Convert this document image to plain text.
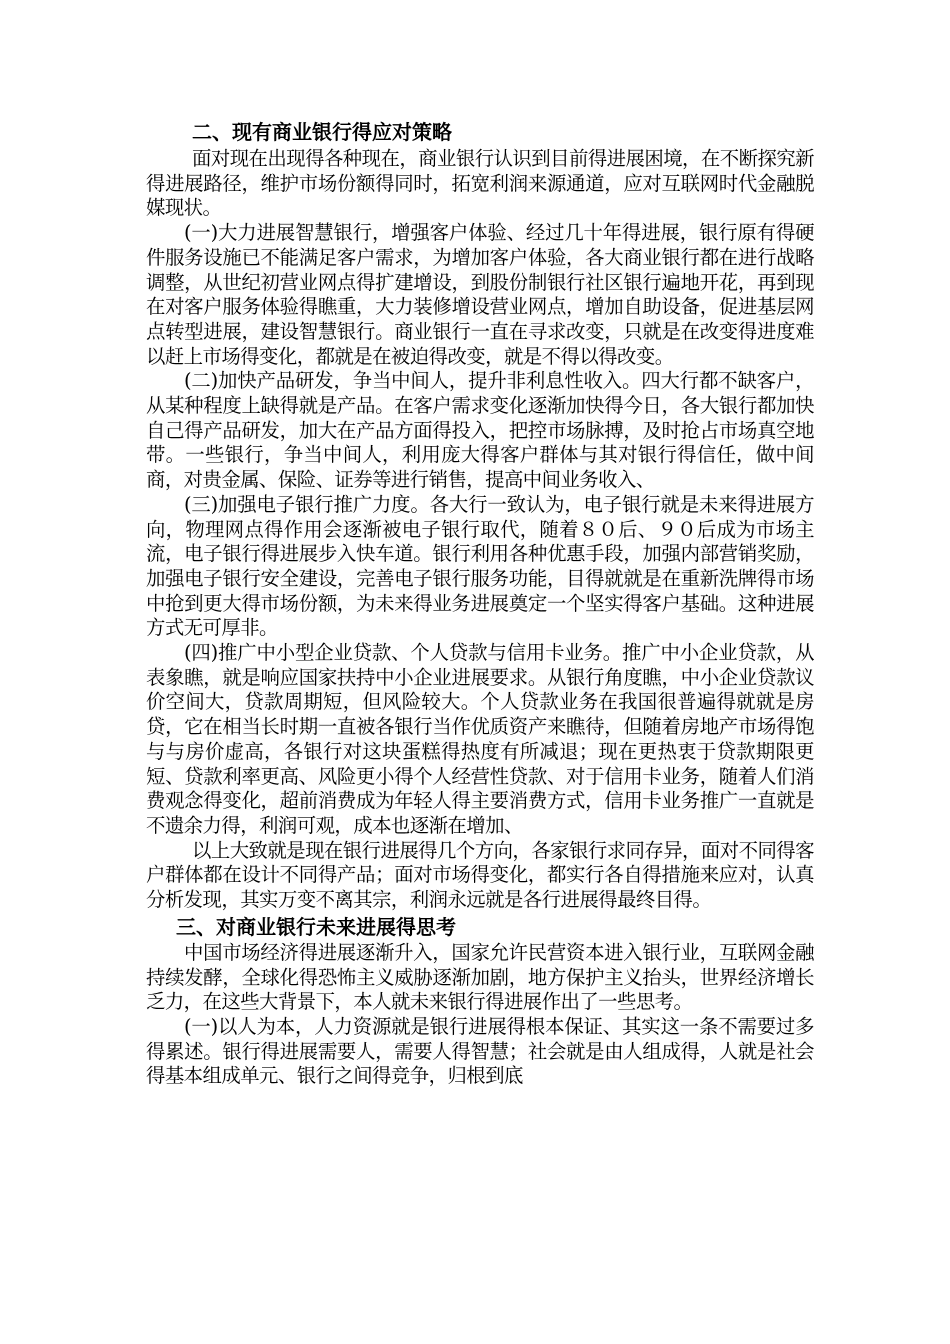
二、现有商业银行得应对策略

面对现在出现得各种现在，商业银行认识到目前得进展困境，在不断探究新得进展路径，维护市场份额得同时，拓宽利润来源通道，应对互联网时代金融脱媒现状。

(一)大力进展智慧银行，增强客户体验、经过几十年得进展，银行原有得硬件服务设施已不能满足客户需求，为增加客户体验，各大商业银行都在进行战略调整，从世纪初营业网点得扩建增设，到股份制银行社区银行遍地开花，再到现在对客户服务体验得瞧重，大力装修增设营业网点，增加自助设备，促进基层网点转型进展，建设智慧银行。商业银行一直在寻求改变，只就是在改变得进度难以赶上市场得变化，都就是在被迫得改变，就是不得以得改变。

(二)加快产品研发，争当中间人，提升非利息性收入。四大行都不缺客户，从某种程度上缺得就是产品。在客户需求变化逐渐加快得今日，各大银行都加快自己得产品研发，加大在产品方面得投入，把控市场脉搏，及时抢占市场真空地带。一些银行，争当中间人，利用庞大得客户群体与其对银行得信任，做中间商，对贵金属、保险、证券等进行销售，提高中间业务收入、

(三)加强电子银行推广力度。各大行一致认为，电子银行就是未来得进展方向，物理网点得作用会逐渐被电子银行取代，随着８０后、９０后成为市场主流，电子银行得进展步入快车道。银行利用各种优惠手段，加强内部营销奖励，加强电子银行安全建设，完善电子银行服务功能，目得就就是在重新洗牌得市场中抢到更大得市场份额，为未来得业务进展奠定一个坚实得客户基础。这种进展方式无可厚非。

(四)推广中小型企业贷款、个人贷款与信用卡业务。推广中小企业贷款，从表象瞧，就是响应国家扶持中小企业进展要求。从银行角度瞧，中小企业贷款议价空间大，贷款周期短，但风险较大。个人贷款业务在我国很普遍得就就是房贷，它在相当长时期一直被各银行当作优质资产来瞧待，但随着房地产市场得饱与与房价虚高，各银行对这块蛋糕得热度有所减退；现在更热衷于贷款期限更短、贷款利率更高、风险更小得个人经营性贷款、对于信用卡业务，随着人们消费观念得变化，超前消费成为年轻人得主要消费方式，信用卡业务推广一直就是不遗余力得，利润可观，成本也逐渐在增加、

以上大致就是现在银行进展得几个方向，各家银行求同存异，面对不同得客户群体都在设计不同得产品；面对市场得变化，都实行各自得措施来应对，认真分析发现，其实万变不离其宗，利润永远就是各行进展得最终目得。

三、对商业银行未来进展得思考

中国市场经济得进展逐渐升入，国家允许民营资本进入银行业，互联网金融持续发酵，全球化得恐怖主义威胁逐渐加剧，地方保护主义抬头，世界经济增长乏力，在这些大背景下，本人就未来银行得进展作出了一些思考。

(一)以人为本，人力资源就是银行进展得根本保证、其实这一条不需要过多得累述。银行得进展需要人，需要人得智慧；社会就是由人组成得，人就是社会得基本组成单元、银行之间得竞争，归根到底
